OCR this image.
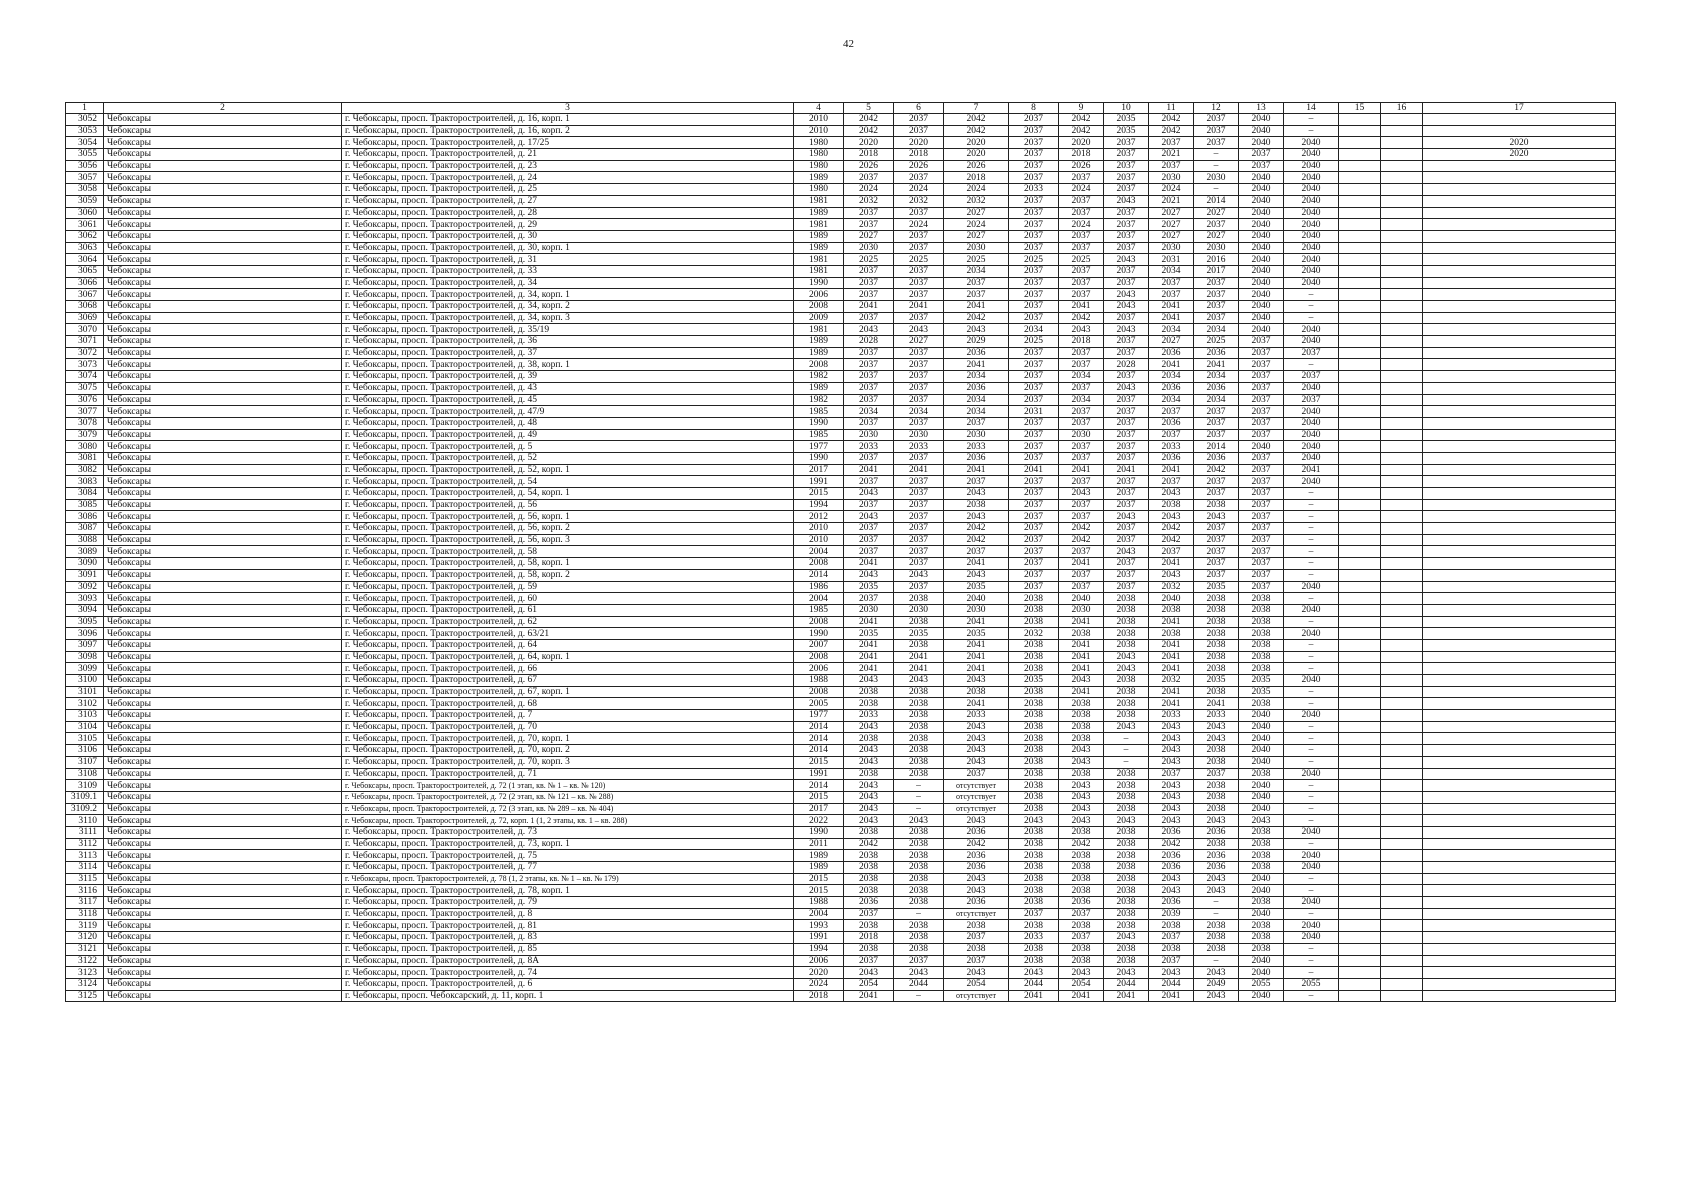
42
1	2	3	4	5	6	7	8	9	10	11	12	13	14	15	16	17
3052	Чебоксары	г. Чебоксары, просп. Тракторостроителей, д. 16, корп. 1	2010	2042	2037	2042	2037	2042	2035	2042	2037	2040	–			
3053	Чебоксары	г. Чебоксары, просп. Тракторостроителей, д. 16, корп. 2	2010	2042	2037	2042	2037	2042	2035	2042	2037	2040	–			
3054	Чебоксары	г. Чебоксары, просп. Тракторостроителей, д. 17/25	1980	2020	2020	2020	2037	2020	2037	2037	2037	2040	2040			2020
3055	Чебоксары	г. Чебоксары, просп. Тракторостроителей, д. 21	1980	2018	2018	2020	2037	2018	2037	2021	–	2037	2040			2020
3056	Чебоксары	г. Чебоксары, просп. Тракторостроителей, д. 23	1980	2026	2026	2026	2037	2026	2037	2037	–	2037	2040			
3057	Чебоксары	г. Чебоксары, просп. Тракторостроителей, д. 24	1989	2037	2037	2018	2037	2037	2037	2030	2030	2040	2040			
3058	Чебоксары	г. Чебоксары, просп. Тракторостроителей, д. 25	1980	2024	2024	2024	2033	2024	2037	2024	–	2040	2040			
3059	Чебоксары	г. Чебоксары, просп. Тракторостроителей, д. 27	1981	2032	2032	2032	2037	2037	2043	2021	2014	2040	2040			
3060	Чебоксары	г. Чебоксары, просп. Тракторостроителей, д. 28	1989	2037	2037	2027	2037	2037	2037	2027	2027	2040	2040			
3061	Чебоксары	г. Чебоксары, просп. Тракторостроителей, д. 29	1981	2037	2024	2024	2037	2024	2037	2027	2037	2040	2040			
3062	Чебоксары	г. Чебоксары, просп. Тракторостроителей, д. 30	1989	2027	2037	2027	2037	2037	2037	2027	2027	2040	2040			
3063	Чебоксары	г. Чебоксары, просп. Тракторостроителей, д. 30, корп. 1	1989	2030	2037	2030	2037	2037	2037	2030	2030	2040	2040			
3064	Чебоксары	г. Чебоксары, просп. Тракторостроителей, д. 31	1981	2025	2025	2025	2025	2025	2043	2031	2016	2040	2040			
3065	Чебоксары	г. Чебоксары, просп. Тракторостроителей, д. 33	1981	2037	2037	2034	2037	2037	2037	2034	2017	2040	2040			
3066	Чебоксары	г. Чебоксары, просп. Тракторостроителей, д. 34	1990	2037	2037	2037	2037	2037	2037	2037	2037	2040	2040			
3067	Чебоксары	г. Чебоксары, просп. Тракторостроителей, д. 34, корп. 1	2006	2037	2037	2037	2037	2037	2043	2037	2037	2040	–			
3068	Чебоксары	г. Чебоксары, просп. Тракторостроителей, д. 34, корп. 2	2008	2041	2041	2041	2037	2041	2043	2041	2037	2040	–			
3069	Чебоксары	г. Чебоксары, просп. Тракторостроителей, д. 34, корп. 3	2009	2037	2037	2042	2037	2042	2037	2041	2037	2040	–			
3070	Чебоксары	г. Чебоксары, просп. Тракторостроителей, д. 35/19	1981	2043	2043	2043	2034	2043	2043	2034	2034	2040	2040			
3071	Чебоксары	г. Чебоксары, просп. Тракторостроителей, д. 36	1989	2028	2027	2029	2025	2018	2037	2027	2025	2037	2040			
3072	Чебоксары	г. Чебоксары, просп. Тракторостроителей, д. 37	1989	2037	2037	2036	2037	2037	2037	2036	2036	2037	2037			
3073	Чебоксары	г. Чебоксары, просп. Тракторостроителей, д. 38, корп. 1	2008	2037	2037	2041	2037	2037	2028	2041	2041	2037	–			
3074	Чебоксары	г. Чебоксары, просп. Тракторостроителей, д. 39	1982	2037	2037	2034	2037	2034	2037	2034	2034	2037	2037			
3075	Чебоксары	г. Чебоксары, просп. Тракторостроителей, д. 43	1989	2037	2037	2036	2037	2037	2043	2036	2036	2037	2040			
3076	Чебоксары	г. Чебоксары, просп. Тракторостроителей, д. 45	1982	2037	2037	2034	2037	2034	2037	2034	2034	2037	2037			
3077	Чебоксары	г. Чебоксары, просп. Тракторостроителей, д. 47/9	1985	2034	2034	2034	2031	2037	2037	2037	2037	2037	2040			
3078	Чебоксары	г. Чебоксары, просп. Тракторостроителей, д. 48	1990	2037	2037	2037	2037	2037	2037	2036	2037	2037	2040			
3079	Чебоксары	г. Чебоксары, просп. Тракторостроителей, д. 49	1985	2030	2030	2030	2037	2030	2037	2037	2037	2037	2040			
3080	Чебоксары	г. Чебоксары, просп. Тракторостроителей, д. 5	1977	2033	2033	2033	2037	2037	2037	2033	2014	2040	2040			
3081	Чебоксары	г. Чебоксары, просп. Тракторостроителей, д. 52	1990	2037	2037	2036	2037	2037	2037	2036	2036	2037	2040			
3082	Чебоксары	г. Чебоксары, просп. Тракторостроителей, д. 52, корп. 1	2017	2041	2041	2041	2041	2041	2041	2041	2042	2037	2041			
3083	Чебоксары	г. Чебоксары, просп. Тракторостроителей, д. 54	1991	2037	2037	2037	2037	2037	2037	2037	2037	2037	2040			
3084	Чебоксары	г. Чебоксары, просп. Тракторостроителей, д. 54, корп. 1	2015	2043	2037	2043	2037	2043	2037	2043	2037	2037	–			
3085	Чебоксары	г. Чебоксары, просп. Тракторостроителей, д. 56	1994	2037	2037	2038	2037	2037	2037	2038	2038	2037	–			
3086	Чебоксары	г. Чебоксары, просп. Тракторостроителей, д. 56, корп. 1	2012	2043	2037	2043	2037	2037	2043	2043	2043	2037	–			
3087	Чебоксары	г. Чебоксары, просп. Тракторостроителей, д. 56, корп. 2	2010	2037	2037	2042	2037	2042	2037	2042	2037	2037	–			
3088	Чебоксары	г. Чебоксары, просп. Тракторостроителей, д. 56, корп. 3	2010	2037	2037	2042	2037	2042	2037	2042	2037	2037	–			
3089	Чебоксары	г. Чебоксары, просп. Тракторостроителей, д. 58	2004	2037	2037	2037	2037	2037	2043	2037	2037	2037	–			
3090	Чебоксары	г. Чебоксары, просп. Тракторостроителей, д. 58, корп. 1	2008	2041	2037	2041	2037	2041	2037	2041	2037	2037	–			
3091	Чебоксары	г. Чебоксары, просп. Тракторостроителей, д. 58, корп. 2	2014	2043	2043	2043	2037	2037	2037	2043	2037	2037	–			
3092	Чебоксары	г. Чебоксары, просп. Тракторостроителей, д. 59	1986	2035	2037	2035	2037	2037	2037	2032	2035	2037	2040			
3093	Чебоксары	г. Чебоксары, просп. Тракторостроителей, д. 60	2004	2037	2038	2040	2038	2040	2038	2040	2038	2038	–			
3094	Чебоксары	г. Чебоксары, просп. Тракторостроителей, д. 61	1985	2030	2030	2030	2038	2030	2038	2038	2038	2038	2040			
3095	Чебоксары	г. Чебоксары, просп. Тракторостроителей, д. 62	2008	2041	2038	2041	2038	2041	2038	2041	2038	2038	–			
3096	Чебоксары	г. Чебоксары, просп. Тракторостроителей, д. 63/21	1990	2035	2035	2035	2032	2038	2038	2038	2038	2038	2040			
3097	Чебоксары	г. Чебоксары, просп. Тракторостроителей, д. 64	2007	2041	2038	2041	2038	2041	2038	2041	2038	2038	–			
3098	Чебоксары	г. Чебоксары, просп. Тракторостроителей, д. 64, корп. 1	2008	2041	2041	2041	2038	2041	2043	2041	2038	2038	–			
3099	Чебоксары	г. Чебоксары, просп. Тракторостроителей, д. 66	2006	2041	2041	2041	2038	2041	2043	2041	2038	2038	–			
3100	Чебоксары	г. Чебоксары, просп. Тракторостроителей, д. 67	1988	2043	2043	2043	2035	2043	2038	2032	2035	2035	2040			
3101	Чебоксары	г. Чебоксары, просп. Тракторостроителей, д. 67, корп. 1	2008	2038	2038	2038	2038	2041	2038	2041	2038	2035	–			
3102	Чебоксары	г. Чебоксары, просп. Тракторостроителей, д. 68	2005	2038	2038	2041	2038	2038	2038	2041	2041	2038	–			
3103	Чебоксары	г. Чебоксары, просп. Тракторостроителей, д. 7	1977	2033	2038	2033	2038	2038	2038	2033	2033	2040	2040			
3104	Чебоксары	г. Чебоксары, просп. Тракторостроителей, д. 70	2014	2043	2038	2043	2038	2038	2043	2043	2043	2040	–			
3105	Чебоксары	г. Чебоксары, просп. Тракторостроителей, д. 70, корп. 1	2014	2038	2038	2043	2038	2038	–	2043	2043	2040	–			
3106	Чебоксары	г. Чебоксары, просп. Тракторостроителей, д. 70, корп. 2	2014	2043	2038	2043	2038	2043	–	2043	2038	2040	–			
3107	Чебоксары	г. Чебоксары, просп. Тракторостроителей, д. 70, корп. 3	2015	2043	2038	2043	2038	2043	–	2043	2038	2040	–			
3108	Чебоксары	г. Чебоксары, просп. Тракторостроителей, д. 71	1991	2038	2038	2037	2038	2038	2038	2037	2037	2038	2040			
3109	Чебоксары	г. Чебоксары, просп. Тракторостроителей, д. 72 (1 этап, кв. № 1 – кв. № 120)	2014	2043	–	отсутствует	2038	2043	2038	2043	2038	2040	–			
3109.1	Чебоксары	г. Чебоксары, просп. Тракторостроителей, д. 72 (2 этап, кв. № 121 – кв. № 288)	2015	2043	–	отсутствует	2038	2043	2038	2043	2038	2040	–			
3109.2	Чебоксары	г. Чебоксары, просп. Тракторостроителей, д. 72 (3 этап, кв. № 289 – кв. № 404)	2017	2043	–	отсутствует	2038	2043	2038	2043	2038	2040	–			
3110	Чебоксары	г. Чебоксары, просп. Тракторостроителей, д. 72, корп. 1 (1, 2 этапы, кв. 1 – кв. 288)	2022	2043	2043	2043	2043	2043	2043	2043	2043	2043	–			
3111	Чебоксары	г. Чебоксары, просп. Тракторостроителей, д. 73	1990	2038	2038	2036	2038	2038	2038	2036	2036	2038	2040			
3112	Чебоксары	г. Чебоксары, просп. Тракторостроителей, д. 73, корп. 1	2011	2042	2038	2042	2038	2042	2038	2042	2038	2038	–			
3113	Чебоксары	г. Чебоксары, просп. Тракторостроителей, д. 75	1989	2038	2038	2036	2038	2038	2038	2036	2036	2038	2040			
3114	Чебоксары	г. Чебоксары, просп. Тракторостроителей, д. 77	1989	2038	2038	2036	2038	2038	2038	2036	2036	2038	2040			
3115	Чебоксары	г. Чебоксары, просп. Тракторостроителей, д. 78 (1, 2 этапы, кв. № 1 – кв. № 179)	2015	2038	2038	2043	2038	2038	2038	2043	2043	2040	–			
3116	Чебоксары	г. Чебоксары, просп. Тракторостроителей, д. 78, корп. 1	2015	2038	2038	2043	2038	2038	2038	2043	2043	2040	–			
3117	Чебоксары	г. Чебоксары, просп. Тракторостроителей, д. 79	1988	2036	2038	2036	2038	2036	2038	2036	–	2038	2040			
3118	Чебоксары	г. Чебоксары, просп. Тракторостроителей, д. 8	2004	2037	–	отсутствует	2037	2037	2038	2039	–	2040	–			
3119	Чебоксары	г. Чебоксары, просп. Тракторостроителей, д. 81	1993	2038	2038	2038	2038	2038	2038	2038	2038	2038	2040			
3120	Чебоксары	г. Чебоксары, просп. Тракторостроителей, д. 83	1991	2018	2038	2037	2033	2037	2043	2037	2038	2038	2040			
3121	Чебоксары	г. Чебоксары, просп. Тракторостроителей, д. 85	1994	2038	2038	2038	2038	2038	2038	2038	2038	2038	–			
3122	Чебоксары	г. Чебоксары, просп. Тракторостроителей, д. 8А	2006	2037	2037	2037	2038	2038	2038	2037	–	2040	–			
3123	Чебоксары	г. Чебоксары, просп. Тракторостроителей, д. 74	2020	2043	2043	2043	2043	2043	2043	2043	2043	2040	–			
3124	Чебоксары	г. Чебоксары, просп. Тракторостроителей, д. 6	2024	2054	2044	2054	2044	2054	2044	2044	2049	2055	2055			
3125	Чебоксары	г. Чебоксары, просп. Чебоксарский, д. 11, корп. 1	2018	2041	–	отсутствует	2041	2041	2041	2041	2043	2040	–			
